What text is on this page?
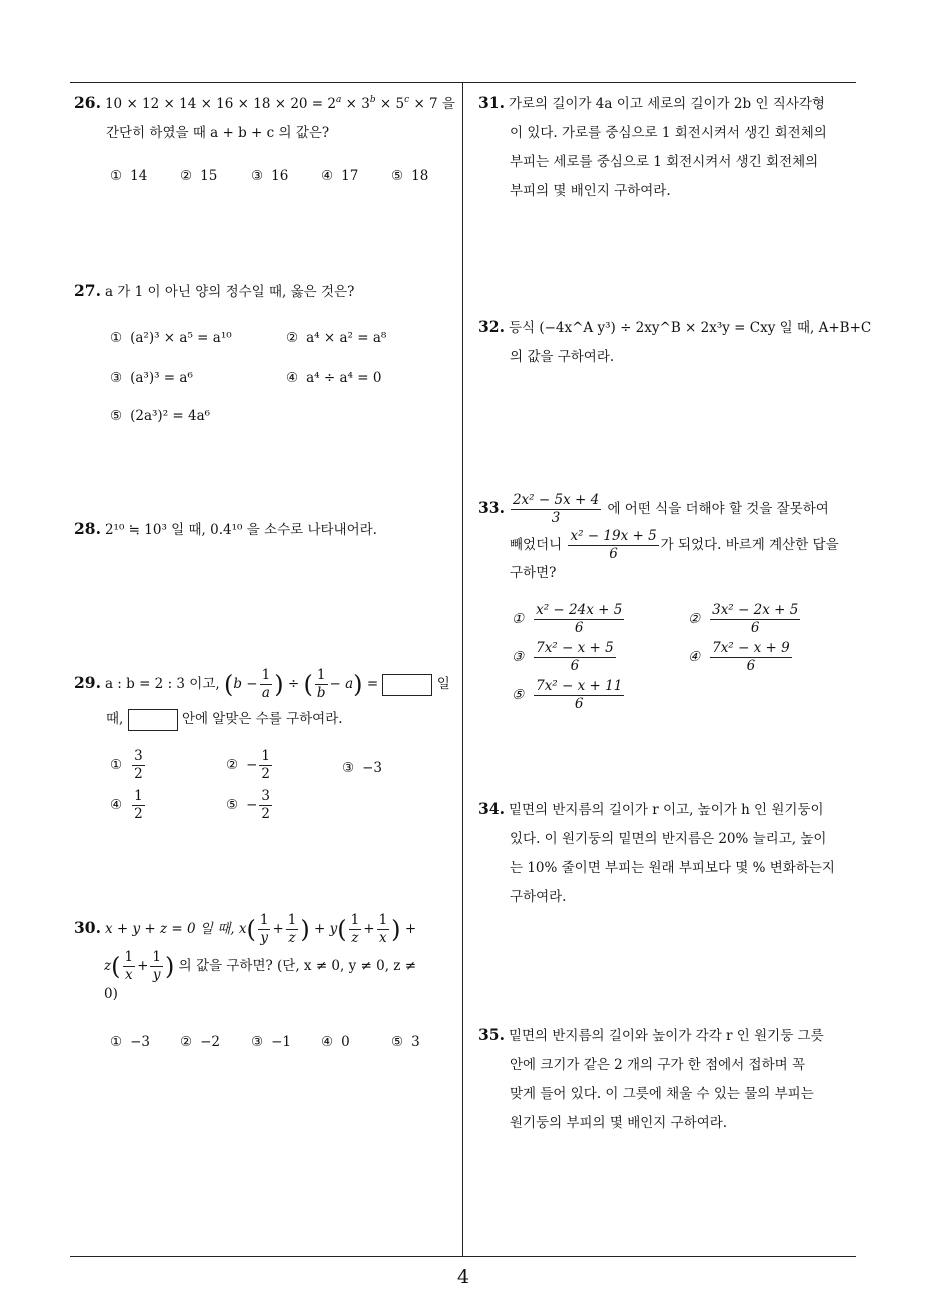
26. $10 \times 12 \times 14 \times 16 \times 18 \times 20 = 2^a \times 3^b \times 5^c \times 7$ 을
간단히 하였을 때 a + b + c 의 값은?
① 14 ② 15 ③ 16 ④ 17 ⑤ 18
27. a 가 1 이 아닌 양의 정수일 때, 옳은 것은?
① (a²)³ × a⁵ = a¹⁰	② a⁴ × a² = a⁸
③ (a³)³ = a⁶	④ a⁴ ÷ a⁴ = 0
⑤ (2a³)² = 4a⁶
28. 2¹⁰ ≒ 10³ 일 때, 0.4¹⁰ 을 소수로 나타내어라.
29. a : b = 2 : 3 이고, ($b - \frac{1}{a}$ ) ÷ ( $\frac{1}{b} - a$) =	일
때,	안에 알맞은 수를 구하여라.
① $\frac{3}{2}$	② − $\frac{1}{2}$	③ −3
④ $\frac{1}{2}$	⑤ − $\frac{3}{2}$
30. x + y + z = 0 일 때, $x( \frac{1}{y} + \frac{1}{z}$ ) + $y( \frac{1}{z} + \frac{1}{x}$ ) +
$z( \frac{1}{x} + \frac{1}{y}$ ) 의 값을 구하면? (단, x ≠ 0, y ≠ 0, z ≠
0)
① −3 ② −2 ③ −1 ④ 0	⑤ 3
31. 가로의 길이가 4a 이고 세로의 길이가 2b 인 직사각형
이 있다. 가로를 중심으로 1 회전시켜서 생긴 회전체의
부피는 세로를 중심으로 1 회전시켜서 생긴 회전체의
부피의 몇 배인지 구하여라.
32. 등식 (−4x^A y³) ÷ 2xy^B × 2x³y = Cxy 일 때, A+B+C
의 값을 구하여라.
33. $\frac{\text{2x² − 5x + 4}}{3}$ 에 어떤 식을 더해야 할 것을 잘못하여
빼었더니 $\frac{\text{x² − 19x + 5}}{6}$ 가 되었다. 바르게 계산한 답을
구하면?
① $\frac{\text{x² − 24x + 5}}{6}$	② $\frac{\text{3x² − 2x + 5}}{6}$
③ $\frac{\text{7x² − x + 5}}{6}$	④ $\frac{\text{7x² − x + 9}}{6}$
⑤ $\frac{\text{7x² − x + 11}}{6}$
34. 밑면의 반지름의 길이가 r 이고, 높이가 h 인 원기둥이
있다. 이 원기둥의 밑면의 반지름은 20% 늘리고, 높이
는 10% 줄이면 부피는 원래 부피보다 몇 % 변화하는지
구하여라.
35. 밑면의 반지름의 길이와 높이가 각각 r 인 원기둥 그릇
안에 크기가 같은 2 개의 구가 한 점에서 접하며 꼭
맞게 들어 있다. 이 그릇에 채울 수 있는 물의 부피는
원기둥의 부피의 몇 배인지 구하여라.
4
